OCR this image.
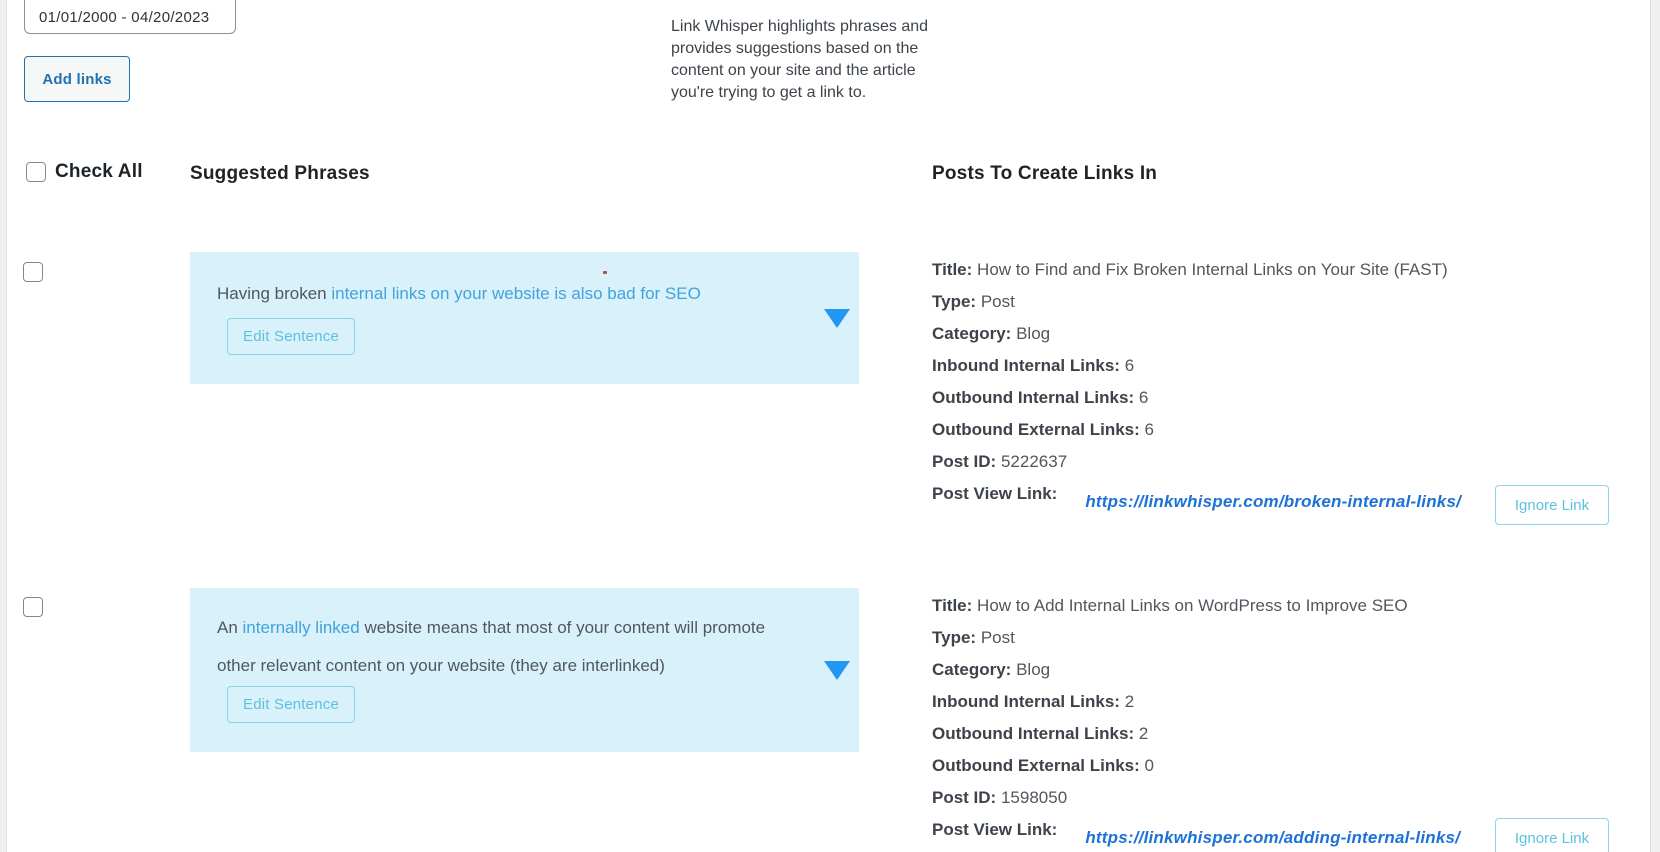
01/01/2000 - 04/20/2023
Add links
Link Whisper highlights phrases and provides suggestions based on the content on your site and the article you're trying to get a link to.
Check All Suggested Phrases	Posts To Create Links In
Having broken internal links on your website is also bad for SEOEdit Sentence
Title: How to Find and Fix Broken Internal Links on Your Site (FAST)
Type: Post
Category: Blog
Inbound Internal Links: 6
Outbound Internal Links: 6
Outbound External Links: 6
Post ID: 5222637
Post View Link: https://linkwhisper.com/broken-internal-links/	Ignore Link
An internally linked website means that most of your content will promote other relevant content on your website (they are interlinked)Edit Sentence
Title: How to Add Internal Links on WordPress to Improve SEO
Type: Post
Category: Blog
Inbound Internal Links: 2
Outbound Internal Links: 2
Outbound External Links: 0
Post ID: 1598050
Post View Link: https://linkwhisper.com/adding-internal-links/	Ignore Link
